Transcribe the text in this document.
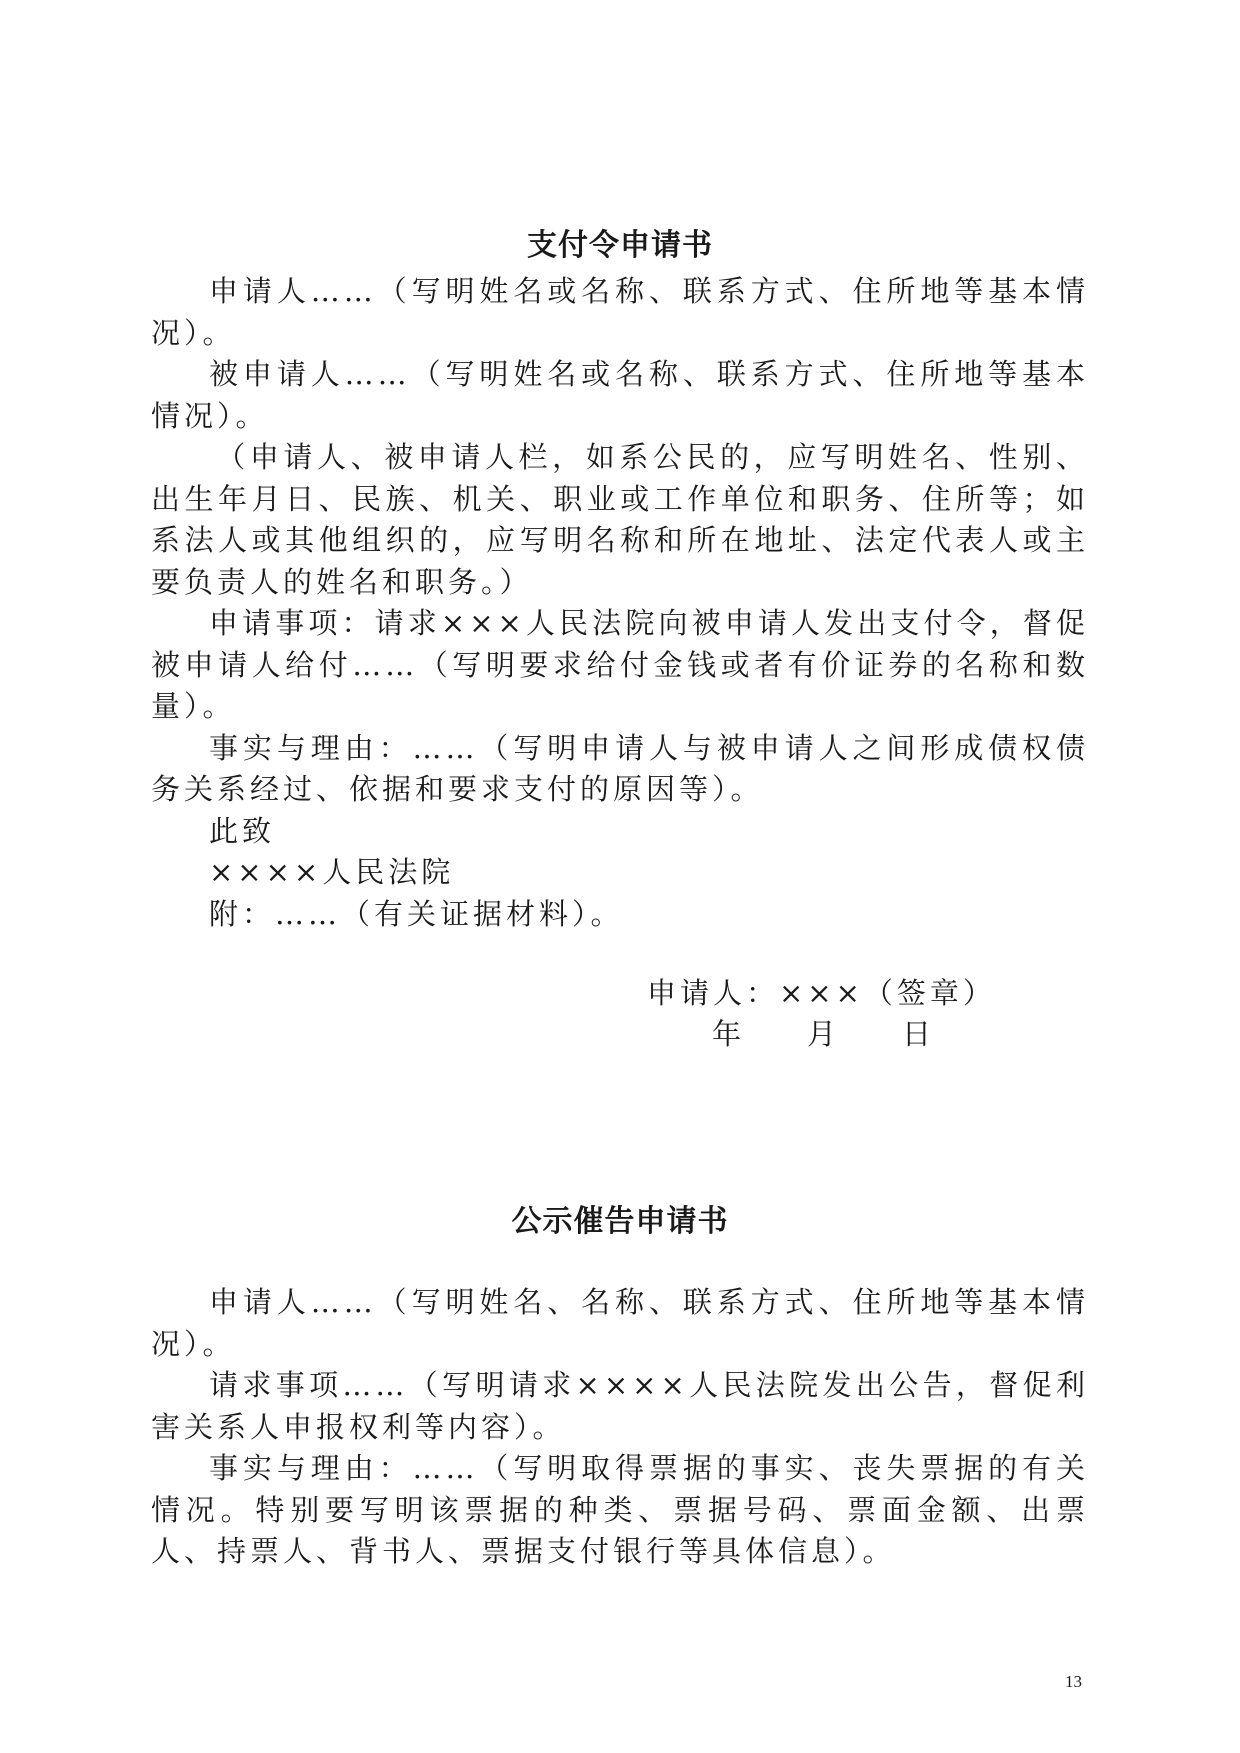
支付令申请书

申请人……（写明姓名或名称、联系方式、住所地等基本情况）。

被申请人……（写明姓名或名称、联系方式、住所地等基本情况）。

（申请人、被申请人栏，如系公民的，应写明姓名、性别、出生年月日、民族、机关、职业或工作单位和职务、住所等；如系法人或其他组织的，应写明名称和所在地址、法定代表人或主要负责人的姓名和职务。）

申请事项：请求×××人民法院向被申请人发出支付令，督促被申请人给付……（写明要求给付金钱或者有价证券的名称和数量）。

事实与理由：……（写明申请人与被申请人之间形成债权债务关系经过、依据和要求支付的原因等）。

此致

××××人民法院

附：……（有关证据材料）。

申请人：×××（签章）
年 月 日
公示催告申请书

申请人……（写明姓名、名称、联系方式、住所地等基本情况）。

请求事项……（写明请求××××人民法院发出公告，督促利害关系人申报权利等内容）。

事实与理由：……（写明取得票据的事实、丧失票据的有关情况。特别要写明该票据的种类、票据号码、票面金额、出票人、持票人、背书人、票据支付银行等具体信息）。

13
